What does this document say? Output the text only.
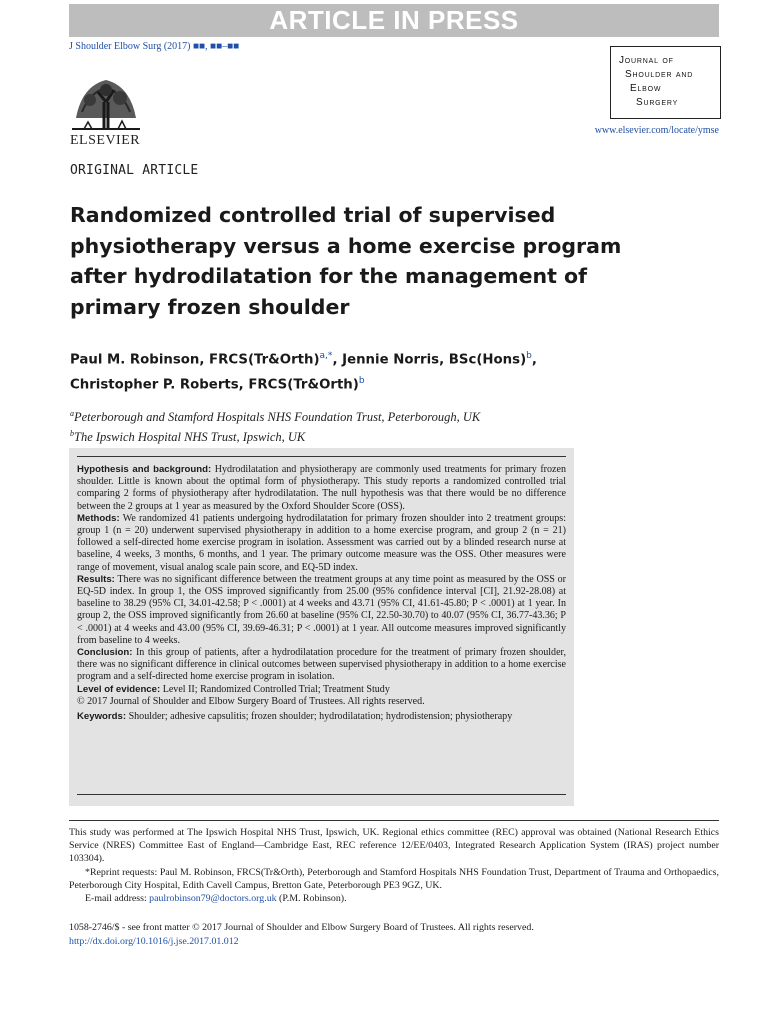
ARTICLE IN PRESS
J Shoulder Elbow Surg (2017) ■■, ■■–■■
ELSEVIER
Journal of
Shoulder and
Elbow
Surgery
www.elsevier.com/locate/ymse
ORIGINAL ARTICLE
Randomized controlled trial of supervised physiotherapy versus a home exercise program after hydrodilatation for the management of primary frozen shoulder

Paul M. Robinson, FRCS(Tr&Orth)$^{a,*}$, Jennie Norris, BSc(Hons)$^b$,
Christopher P. Roberts, FRCS(Tr&Orth)$^b$

$^a$Peterborough and Stamford Hospitals NHS Foundation Trust, Peterborough, UK
$^b$The Ipswich Hospital NHS Trust, Ipswich, UK

Hypothesis and background: Hydrodilatation and physiotherapy are commonly used treatments for primary frozen shoulder. Little is known about the optimal form of physiotherapy. This study reports a randomized controlled trial comparing 2 forms of physiotherapy after hydrodilatation. The null hypothesis was that there would be no difference between the 2 groups at 1 year as measured by the Oxford Shoulder Score (OSS).

Methods: We randomized 41 patients undergoing hydrodilatation for primary frozen shoulder into 2 treatment groups: group 1 (n = 20) underwent supervised physiotherapy in addition to a home exercise program, and group 2 (n = 21) followed a self-directed home exercise program in isolation. Assessment was carried out by a blinded research nurse at baseline, 4 weeks, 3 months, 6 months, and 1 year. The primary outcome measure was the OSS. Other measures were range of movement, visual analog scale pain score, and EQ-5D index.

Results: There was no significant difference between the treatment groups at any time point as measured by the OSS or EQ-5D index. In group 1, the OSS improved significantly from 25.00 (95% confidence interval [CI], 21.92-28.08) at baseline to 38.29 (95% CI, 34.01-42.58; P < .0001) at 4 weeks and 43.71 (95% CI, 41.61-45.80; P < .0001) at 1 year. In group 2, the OSS improved significantly from 26.60 at baseline (95% CI, 22.50-30.70) to 40.07 (95% CI, 36.77-43.36; P < .0001) at 4 weeks and 43.00 (95% CI, 39.69-46.31; P < .0001) at 1 year. All outcome measures improved significantly from baseline to 4 weeks.

Conclusion: In this group of patients, after a hydrodilatation procedure for the treatment of primary frozen shoulder, there was no significant difference in clinical outcomes between supervised physiotherapy in addition to a home exercise program and a self-directed home exercise program in isolation.

Level of evidence: Level II; Randomized Controlled Trial; Treatment Study

© 2017 Journal of Shoulder and Elbow Surgery Board of Trustees. All rights reserved.

Keywords: Shoulder; adhesive capsulitis; frozen shoulder; hydrodilatation; hydrodistension; physiotherapy

This study was performed at The Ipswich Hospital NHS Trust, Ipswich, UK. Regional ethics committee (REC) approval was obtained (National Research Ethics Service (NRES) Committee East of England—Cambridge East, REC reference 12/EE/0403, Integrated Research Application System (IRAS) project number 103304).

*Reprint requests: Paul M. Robinson, FRCS(Tr&Orth), Peterborough and Stamford Hospitals NHS Foundation Trust, Department of Trauma and Orthopaedics, Peterborough City Hospital, Edith Cavell Campus, Bretton Gate, Peterborough PE3 9GZ, UK.

E-mail address: paulrobinson79@doctors.org.uk (P.M. Robinson).

1058-2746/$ - see front matter © 2017 Journal of Shoulder and Elbow Surgery Board of Trustees. All rights reserved.
http://dx.doi.org/10.1016/j.jse.2017.01.012
